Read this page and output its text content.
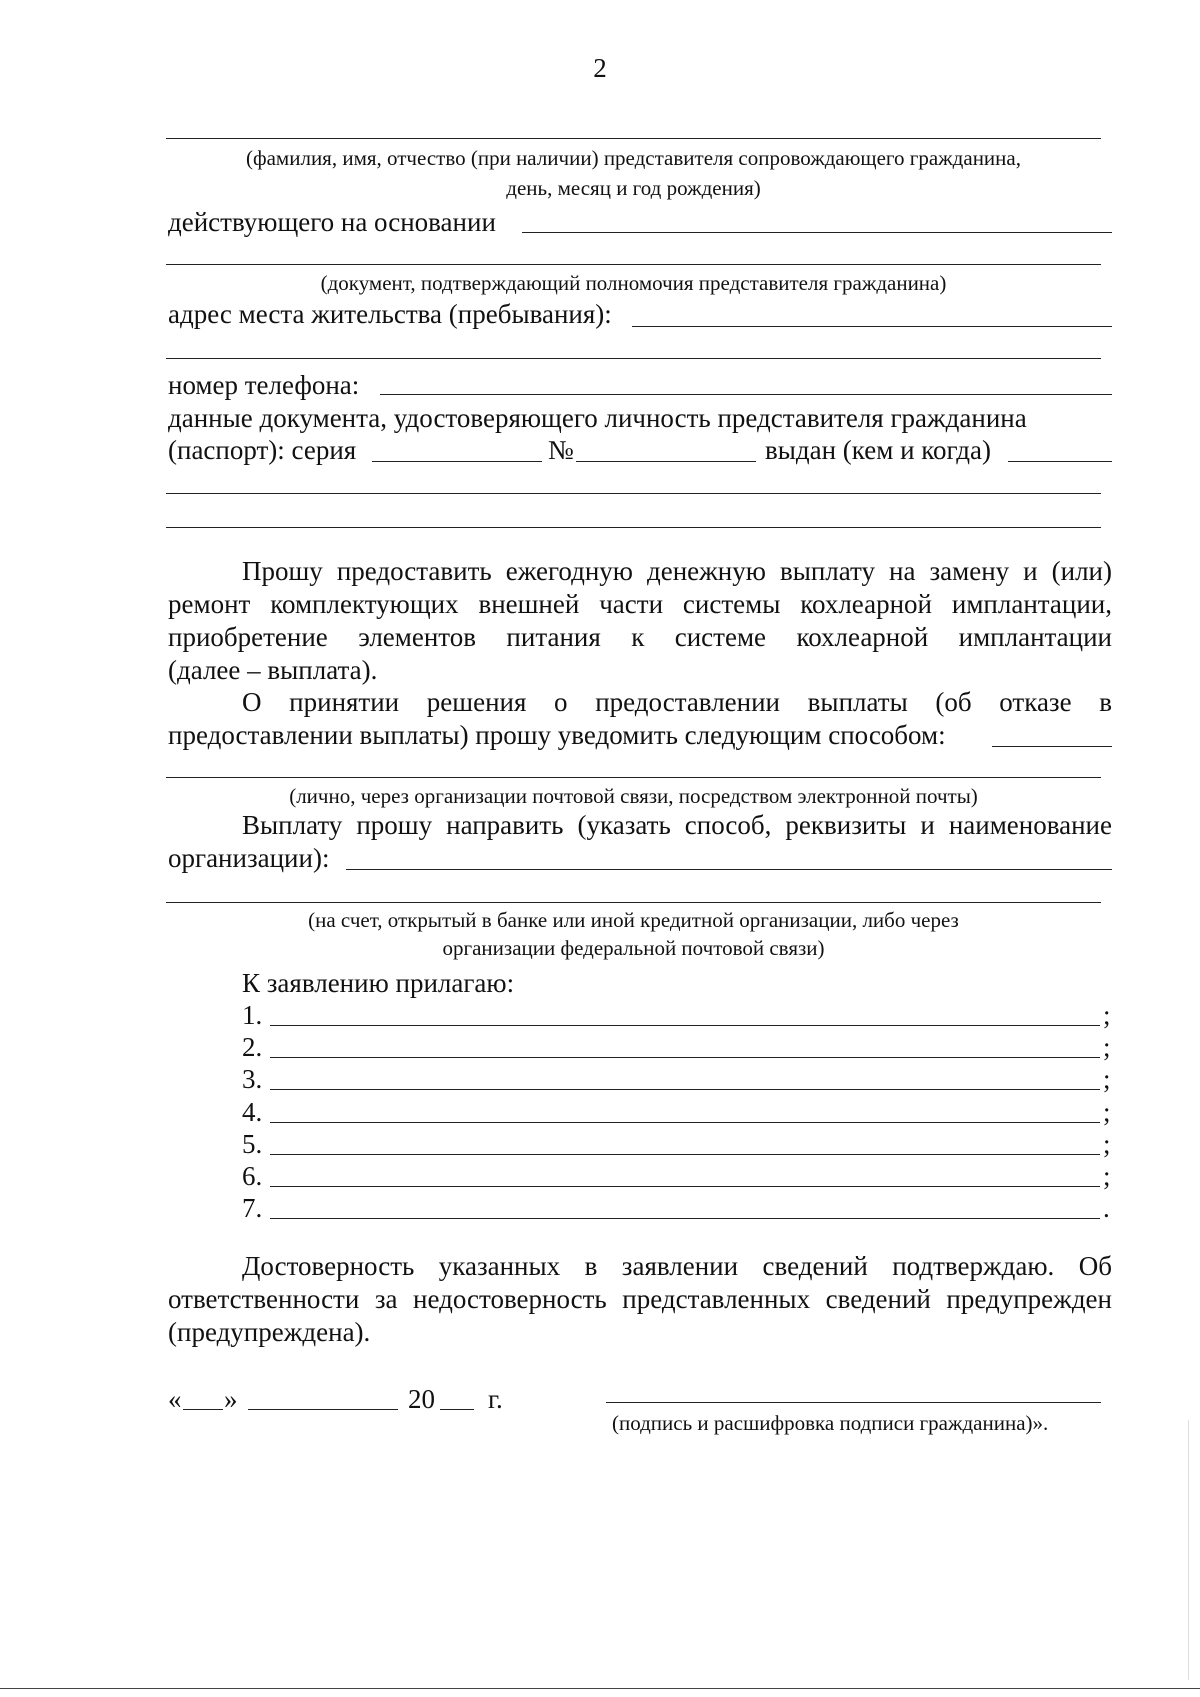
2
(фамилия, имя, отчество (при наличии) представителя сопровождающего гражданина,
день, месяц и год рождения)
действующего на основании
(документ, подтверждающий полномочия представителя гражданина)
адрес места жительства (пребывания):
номер телефона:
данные документа, удостоверяющего личность представителя гражданина
(паспорт): серия	№	выдан (кем и когда)
Прошу предоставить ежегодную денежную выплату на замену и (или)
ремонт комплектующих внешней части системы кохлеарной имплантации,
приобретение элементов питания к системе кохлеарной имплантации
(далее – выплата).
О принятии решения о предоставлении выплаты (об отказе в
предоставлении выплаты) прошу уведомить следующим способом:
(лично, через организации почтовой связи, посредством электронной почты)
Выплату прошу направить (указать способ, реквизиты и наименование
организации):
(на счет, открытый в банке или иной кредитной организации, либо через
организации федеральной почтовой связи)
К заявлению прилагаю:
1.	;
2.	;
3.	;
4.	;
5.	;
6.	;
7.	.
Достоверность указанных в заявлении сведений подтверждаю. Об
ответственности за недостоверность представленных сведений предупрежден
(предупреждена).
« »	20 г.
(подпись и расшифровка подписи гражданина)».
